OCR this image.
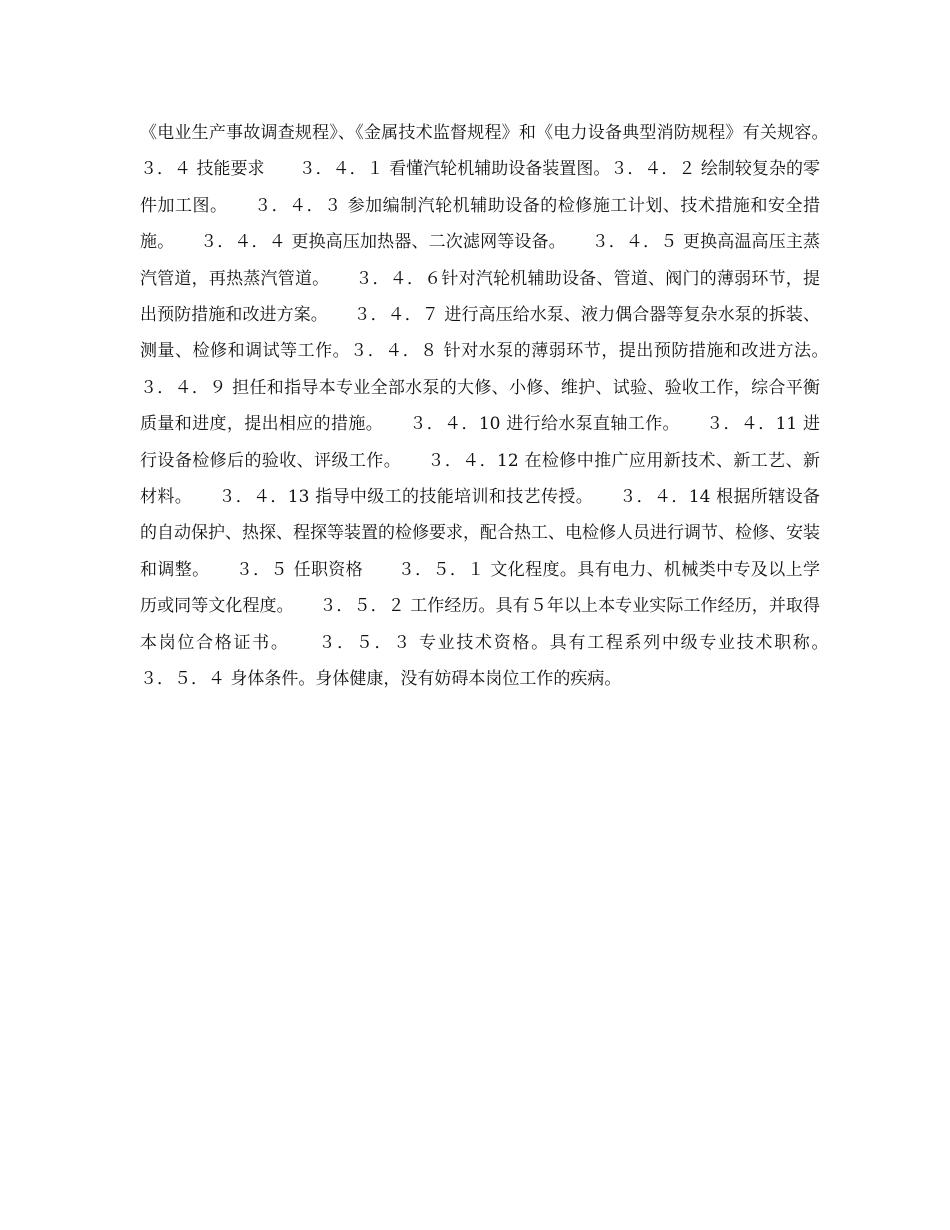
《电业生产事故调查规程》、《金属技术监督规程》和《电力设备典型消防规程》有关规容。　　３．４ 技能要求　　３．４．１ 看懂汽轮机辅助设备装置图。３．４．２ 绘制较复杂的零件加工图。　　３．４．３ 参加编制汽轮机辅助设备的检修施工计划、技术措施和安全措施。　　３．４．４ 更换高压加热器、二次滤网等设备。　　３．４．５ 更换高温高压主蒸汽管道，再热蒸汽管道。　　３．４．６针对汽轮机辅助设备、管道、阀门的薄弱环节，提出预防措施和改进方案。　　３．４．７ 进行高压给水泵、液力偶合器等复杂水泵的拆装、测量、检修和调试等工作。３．４．８ 针对水泵的薄弱环节，提出预防措施和改进方法。　　３．４．９ 担任和指导本专业全部水泵的大修、小修、维护、试验、验收工作，综合平衡质量和进度，提出相应的措施。　　３．４．10 进行给水泵直轴工作。　　３．４．11 进行设备检修后的验收、评级工作。　　３．４．12 在检修中推广应用新技术、新工艺、新材料。　　３．４．13 指导中级工的技能培训和技艺传授。　　３．４．14 根据所辖设备的自动保护、热探、程探等装置的检修要求，配合热工、电检修人员进行调节、检修、安装和调整。　　３．５ 任职资格　　３．５．１ 文化程度。具有电力、机械类中专及以上学历或同等文化程度。　　３．５．２ 工作经历。具有５年以上本专业实际工作经历，并取得本岗位合格证书。　　３．５．３ 专业技术资格。具有工程系列中级专业技术职称。　　３．５．４ 身体条件。身体健康，没有妨碍本岗位工作的疾病。
